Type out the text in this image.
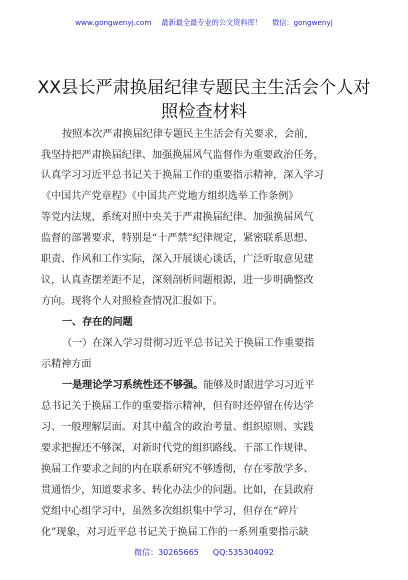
www.gongwenyj.com 最新最全最专业的公文资料库！ 微信：gongwenyj
XX县长严肃换届纪律专题民主生活会个人对
照检查材料
按照本次严肃换届纪律专题民主生活会有关要求，会前，
我坚持把严肃换届纪律、加强换届风气监督作为重要政治任务，
认真学习习近平总书记关于换届工作的重要指示精神，深入学习
《中国共产党章程》《中国共产党地方组织选举工作条例》
等党内法规，系统对照中央关于严肃换届纪律、加强换届风气
监督的部署要求，特别是“十严禁”纪律规定，紧密联系思想、
职责、作风和工作实际，深入开展谈心谈话，广泛听取意见建
议，认真查摆差距不足，深刻剖析问题根源，进一步明确整改
方向。现将个人对照检查情况汇报如下。
一、存在的问题
（一）在深入学习贯彻习近平总书记关于换届工作重要指
示精神方面
一是理论学习系统性还不够强。能够及时跟进学习习近平
总书记关于换届工作的重要指示精神，但有时还停留在传达学
习、一般理解层面。对其中蕴含的政治考量、组织原则、实践
要求把握还不够深，对新时代党的组织路线、干部工作规律、
换届工作要求之间的内在联系研究不够透彻，存在零散学多、
贯通悟少，知道要求多、转化办法少的问题。比如，在县政府
党组中心组学习中，虽然多次组织集中学习，但存在“碎片
化”现象，对习近平总书记关于换届工作的一系列重要指示缺
微信：30265665 QQ:535304092
